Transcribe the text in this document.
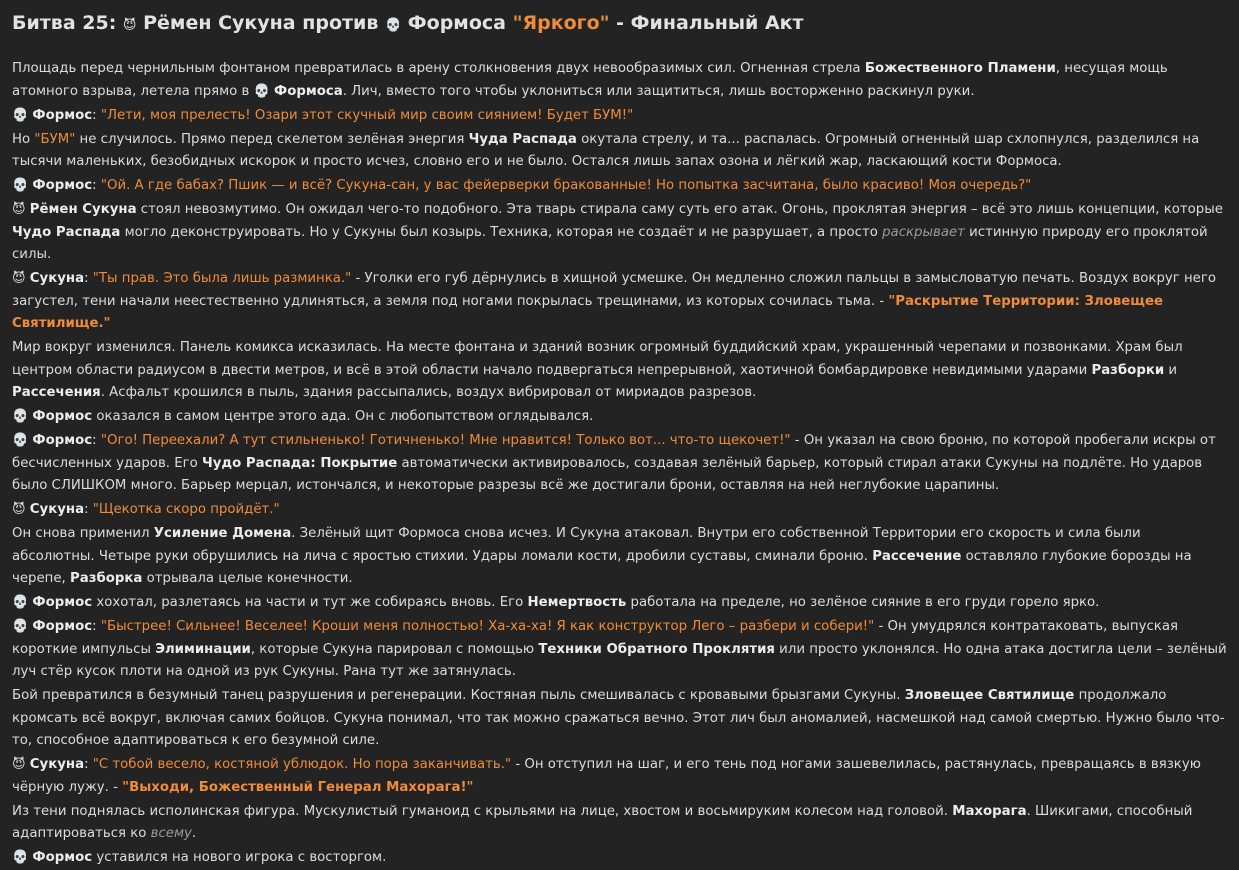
Битва 25: 😈 Рёмен Сукуна против 💀 Формоса "Яркого" - Финальный Акт

Площадь перед чернильным фонтаном превратилась в арену столкновения двух невообразимых сил. Огненная стрела Божественного Пламени, несущая мощь атомного взрыва, летела прямо в 💀 Формоса. Лич, вместо того чтобы уклониться или защититься, лишь восторженно раскинул руки.

💀 Формос: "Лети, моя прелесть! Озари этот скучный мир своим сиянием! Будет БУМ!"

Но "БУМ" не случилось. Прямо перед скелетом зелёная энергия Чуда Распада окутала стрелу, и та... распалась. Огромный огненный шар схлопнулся, разделился на тысячи маленьких, безобидных искорок и просто исчез, словно его и не было. Остался лишь запах озона и лёгкий жар, ласкающий кости Формоса.

💀 Формос: "Ой. А где бабах? Пшик — и всё? Сукуна-сан, у вас фейерверки бракованные! Но попытка засчитана, было красиво! Моя очередь?"

😈 Рёмен Сукуна стоял невозмутимо. Он ожидал чего-то подобного. Эта тварь стирала саму суть его атак. Огонь, проклятая энергия – всё это лишь концепции, которые Чудо Распада могло деконструировать. Но у Сукуны был козырь. Техника, которая не создаёт и не разрушает, а просто раскрывает истинную природу его проклятой силы.

😈 Сукуна: "Ты прав. Это была лишь разминка." - Уголки его губ дёрнулись в хищной усмешке. Он медленно сложил пальцы в замысловатую печать. Воздух вокруг него загустел, тени начали неестественно удлиняться, а земля под ногами покрылась трещинами, из которых сочилась тьма. - "Раскрытие Территории: Зловещее Святилище."

Мир вокруг изменился. Панель комикса исказилась. На месте фонтана и зданий возник огромный буддийский храм, украшенный черепами и позвонками. Храм был центром области радиусом в двести метров, и всё в этой области начало подвергаться непрерывной, хаотичной бомбардировке невидимыми ударами Разборки и Рассечения. Асфальт крошился в пыль, здания рассыпались, воздух вибрировал от мириадов разрезов.

💀 Формос оказался в самом центре этого ада. Он с любопытством оглядывался.

💀 Формос: "Ого! Переехали? А тут стильненько! Готичненько! Мне нравится! Только вот... что-то щекочет!" - Он указал на свою броню, по которой пробегали искры от бесчисленных ударов. Его Чудо Распада: Покрытие автоматически активировалось, создавая зелёный барьер, который стирал атаки Сукуны на подлёте. Но ударов было СЛИШКОМ много. Барьер мерцал, истончался, и некоторые разрезы всё же достигали брони, оставляя на ней неглубокие царапины.

😈 Сукуна: "Щекотка скоро пройдёт."

Он снова применил Усиление Домена. Зелёный щит Формоса снова исчез. И Сукуна атаковал. Внутри его собственной Территории его скорость и сила были абсолютны. Четыре руки обрушились на лича с яростью стихии. Удары ломали кости, дробили суставы, сминали броню. Рассечение оставляло глубокие борозды на черепе, Разборка отрывала целые конечности.

💀 Формос хохотал, разлетаясь на части и тут же собираясь вновь. Его Немертвость работала на пределе, но зелёное сияние в его груди горело ярко.

💀 Формос: "Быстрее! Сильнее! Веселее! Кроши меня полностью! Ха-ха-ха! Я как конструктор Лего – разбери и собери!" - Он умудрялся контратаковать, выпуская короткие импульсы Элиминации, которые Сукуна парировал с помощью Техники Обратного Проклятия или просто уклонялся. Но одна атака достигла цели – зелёный луч стёр кусок плоти на одной из рук Сукуны. Рана тут же затянулась.

Бой превратился в безумный танец разрушения и регенерации. Костяная пыль смешивалась с кровавыми брызгами Сукуны. Зловещее Святилище продолжало кромсать всё вокруг, включая самих бойцов. Сукуна понимал, что так можно сражаться вечно. Этот лич был аномалией, насмешкой над самой смертью. Нужно было что-то, способное адаптироваться к его безумной силе.

😈 Сукуна: "С тобой весело, костяной ублюдок. Но пора заканчивать." - Он отступил на шаг, и его тень под ногами зашевелилась, растянулась, превращаясь в вязкую чёрную лужу. - "Выходи, Божественный Генерал Махорага!"

Из тени поднялась исполинская фигура. Мускулистый гуманоид с крыльями на лице, хвостом и восьмируким колесом над головой. Махорага. Шикигами, способный адаптироваться ко всему.

💀 Формос уставился на нового игрока с восторгом.
